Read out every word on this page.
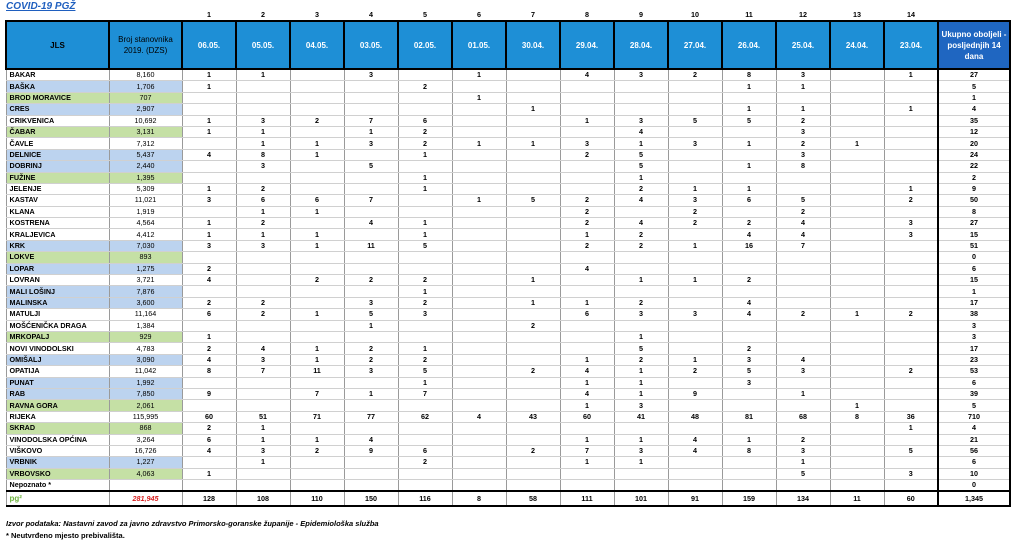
COVID-19 PGŽ
		1	2	3	4	5	6	7	8	9	10	11	12	13	14	
JLS	Broj stanovnika 2019. (DZS)	06.05.	05.05.	04.05.	03.05.	02.05.	01.05.	30.04.	29.04.	28.04.	27.04.	26.04.	25.04.	24.04.	23.04.	Ukupno oboljeli - posljednjih 14 dana
BAKAR	8,160	1	1		3		1		4	3	2	8	3		1	27
BAŠKA	1,706	1				2						1	1			5
BROD MORAVICE	707						1									1
CRES	2,907							1				1	1		1	4
CRIKVENICA	10,692	1	3	2	7	6			1	3	5	5	2			35
ČABAR	3,131	1	1		1	2				4			3			12
ČAVLE	7,312		1	1	3	2	1	1	3	1	3	1	2	1		20
DELNICE	5,437	4	8	1		1			2	5			3			24
DOBRINJ	2,440		3		5					5		1	8			22
FUŽINE	1,395					1				1						2
JELENJE	5,309	1	2			1				2	1	1			1	9
KASTAV	11,021	3	6	6	7		1	5	2	4	3	6	5		2	50
KLANA	1,919		1	1					2		2		2			8
KOSTRENA	4,564	1	2		4	1			2	4	2	2	4		3	27
KRALJEVICA	4,412	1	1	1		1			1	2		4	4		3	15
KRK	7,030	3	3	1	11	5			2	2	1	16	7			51
LOKVE	893															0
LOPAR	1,275	2							4							6
LOVRAN	3,721	4		2	2	2		1		1	1	2				15
MALI LOŠINJ	7,876					1										1
MALINSKA	3,600	2	2		3	2		1	1	2		4				17
MATULJI	11,164	6	2	1	5	3			6	3	3	4	2	1	2	38
MOŠĆENIČKA DRAGA	1,384				1			2								3
MRKOPALJ	929	1								1						3
NOVI VINODOLSKI	4,783	2	4	1	2	1				5		2				17
OMIŠALJ	3,090	4	3	1	2	2			1	2	1	3	4			23
OPATIJA	11,042	8	7	11	3	5		2	4	1	2	5	3		2	53
PUNAT	1,992					1			1	1		3				6
RAB	7,850	9		7	1	7			4	1	9		1			39
RAVNA GORA	2,061								1	3				1		5
RIJEKA	115,995	60	51	71	77	62	4	43	60	41	48	81	68	8	36	710
SKRAD	868	2	1												1	4
VINODOLSKA OPĆINA	3,264	6	1	1	4				1	1	4	1	2			21
VIŠKOVO	16,726	4	3	2	9	6		2	7	3	4	8	3		5	56
VRBNIK	1,227		1			2			1	1			1			6
VRBOVSKO	4,063	1											5		3	10
Nepoznato *																0
pg²	281,945	128	108	110	150	116	8	58	111	101	91	159	134	11	60	1,345
Izvor podataka: Nastavni zavod za javno zdravstvo Primorsko-goranske županije - Epidemiološka služba
* Neutvrđeno mjesto prebivališta.
